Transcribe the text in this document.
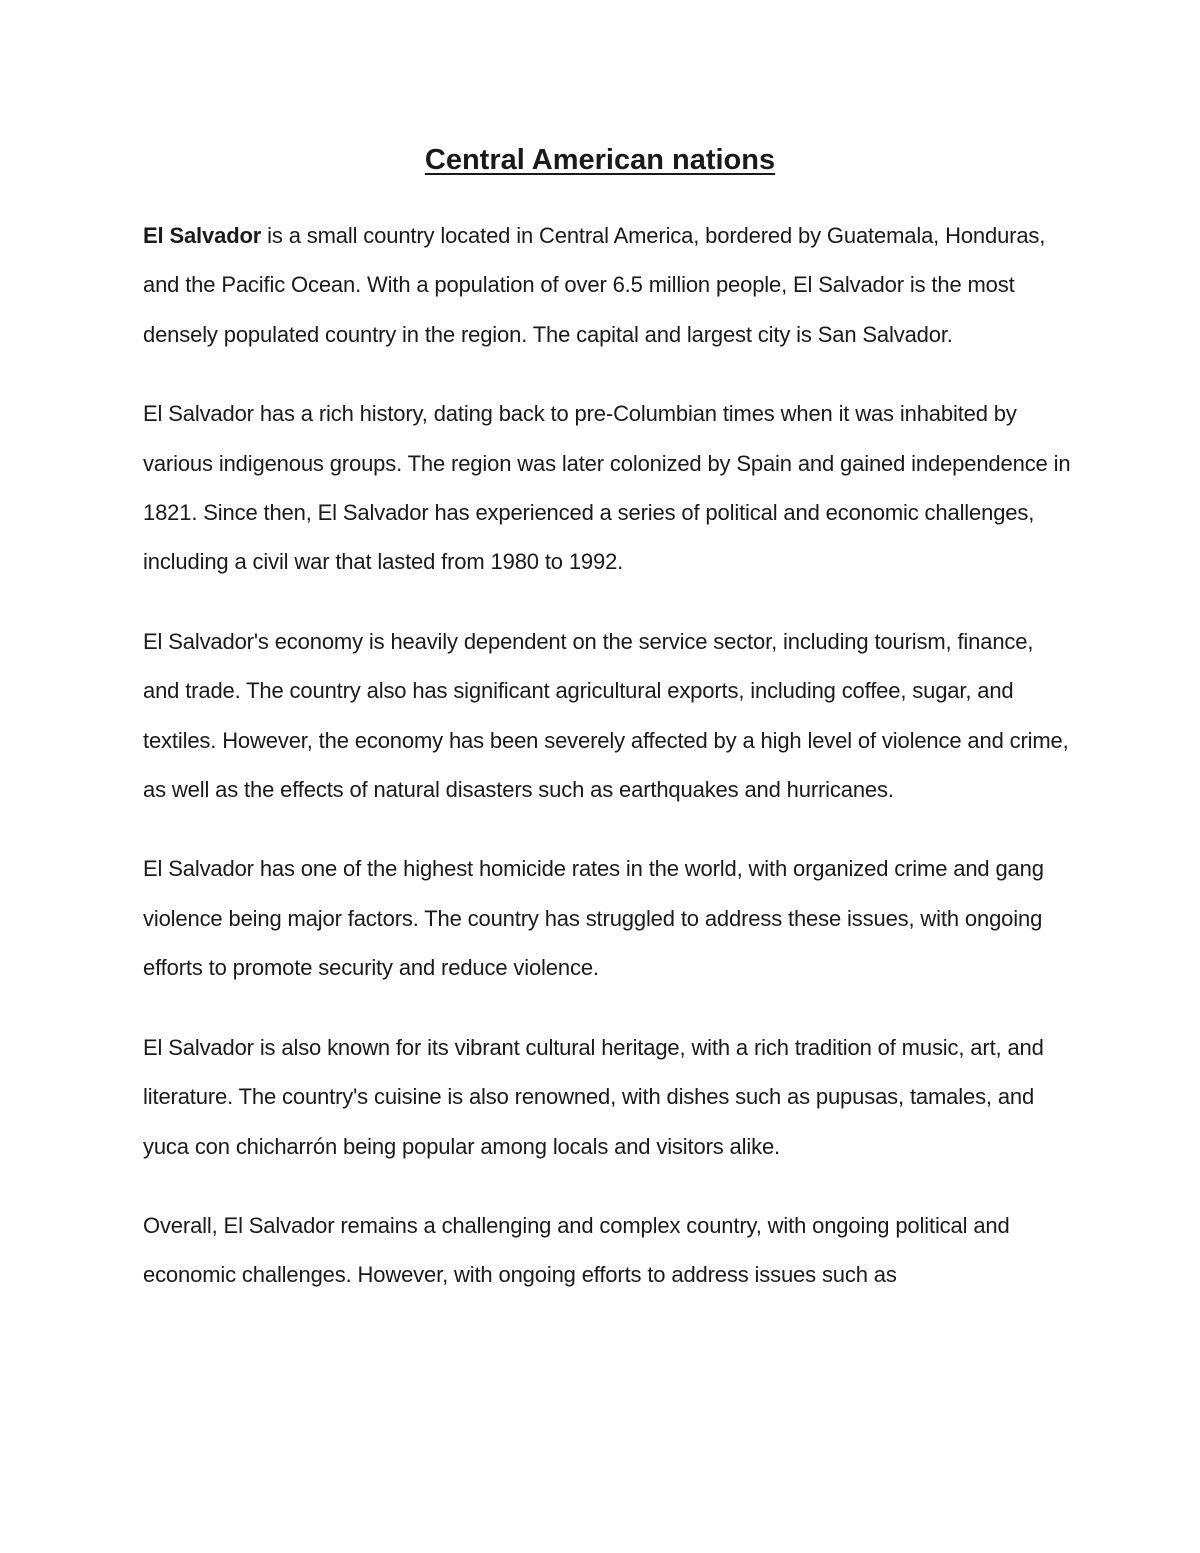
Central American nations

El Salvador is a small country located in Central America, bordered by Guatemala, Honduras, and the Pacific Ocean. With a population of over 6.5 million people, El Salvador is the most densely populated country in the region. The capital and largest city is San Salvador.

El Salvador has a rich history, dating back to pre-Columbian times when it was inhabited by various indigenous groups. The region was later colonized by Spain and gained independence in 1821. Since then, El Salvador has experienced a series of political and economic challenges, including a civil war that lasted from 1980 to 1992.

El Salvador's economy is heavily dependent on the service sector, including tourism, finance, and trade. The country also has significant agricultural exports, including coffee, sugar, and textiles. However, the economy has been severely affected by a high level of violence and crime, as well as the effects of natural disasters such as earthquakes and hurricanes.

El Salvador has one of the highest homicide rates in the world, with organized crime and gang violence being major factors. The country has struggled to address these issues, with ongoing efforts to promote security and reduce violence.

El Salvador is also known for its vibrant cultural heritage, with a rich tradition of music, art, and literature. The country's cuisine is also renowned, with dishes such as pupusas, tamales, and yuca con chicharrón being popular among locals and visitors alike.

Overall, El Salvador remains a challenging and complex country, with ongoing political and economic challenges. However, with ongoing efforts to address issues such as
